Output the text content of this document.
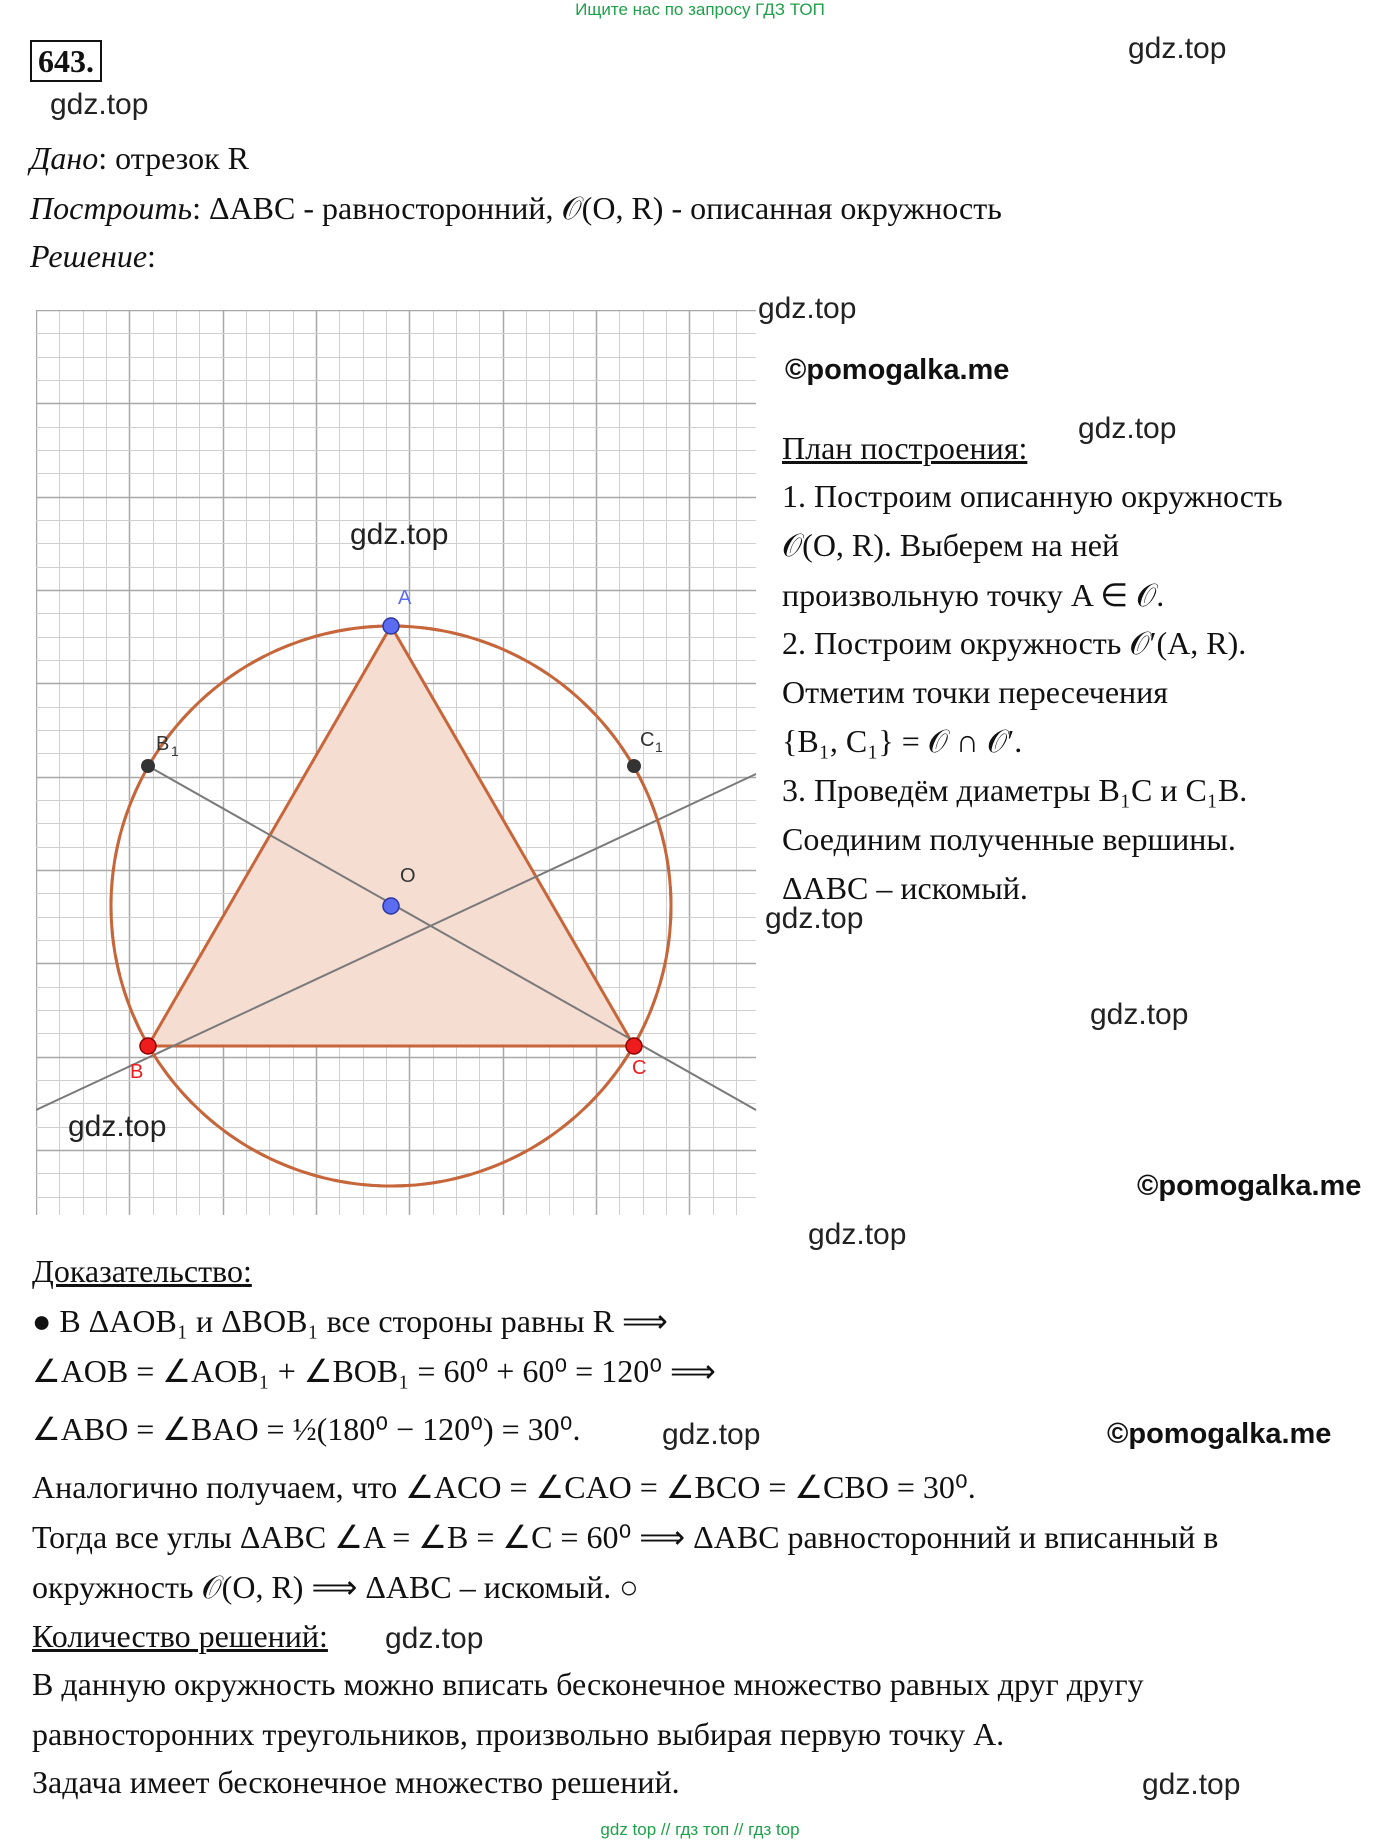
Ищите нас по запросу ГДЗ ТОП
643.	gdz.top
gdz.top
Дано: отрезок R
Построить: ΔABC - равносторонний, 𝒪(O, R) - описанная окружность
Решение:
A
O
B	C
B 1	C 1
gdz.top
©pomogalka.me
gdz.top
gdz.top
План построения:
1. Построим описанную окружность
𝒪(O, R). Выберем на ней
произвольную точку A ∈ 𝒪.
2. Построим окружность 𝒪′(A, R).
Отметим точки пересечения
{B₁, C₁} = 𝒪 ∩ 𝒪′.
3. Проведём диаметры B₁C и C₁B.
Соединим полученные вершины.
ΔABC – искомый.
gdz.top
gdz.top
gdz.top
©pomogalka.me
gdz.top
Доказательство:
● В ΔAOB₁ и ΔBOB₁ все стороны равны R ⟹
∠AOB = ∠AOB₁ + ∠BOB₁ = 60⁰ + 60⁰ = 120⁰ ⟹
∠ABO = ∠BAO = ½(180⁰ − 120⁰) = 30⁰.	gdz.top	©pomogalka.me
Аналогично получаем, что ∠ACO = ∠CAO = ∠BCO = ∠CBO = 30⁰.
Тогда все углы ΔABC ∠A = ∠B = ∠C = 60⁰ ⟹ ΔABC равносторонний и вписанный в
окружность 𝒪(O, R) ⟹ ΔABC – искомый. ○
Количество решений: gdz.top
В данную окружность можно вписать бесконечное множество равных друг другу
равносторонних треугольников, произвольно выбирая первую точку A.
Задача имеет бесконечное множество решений.	gdz.top
gdz top // гдз топ // гдз top
